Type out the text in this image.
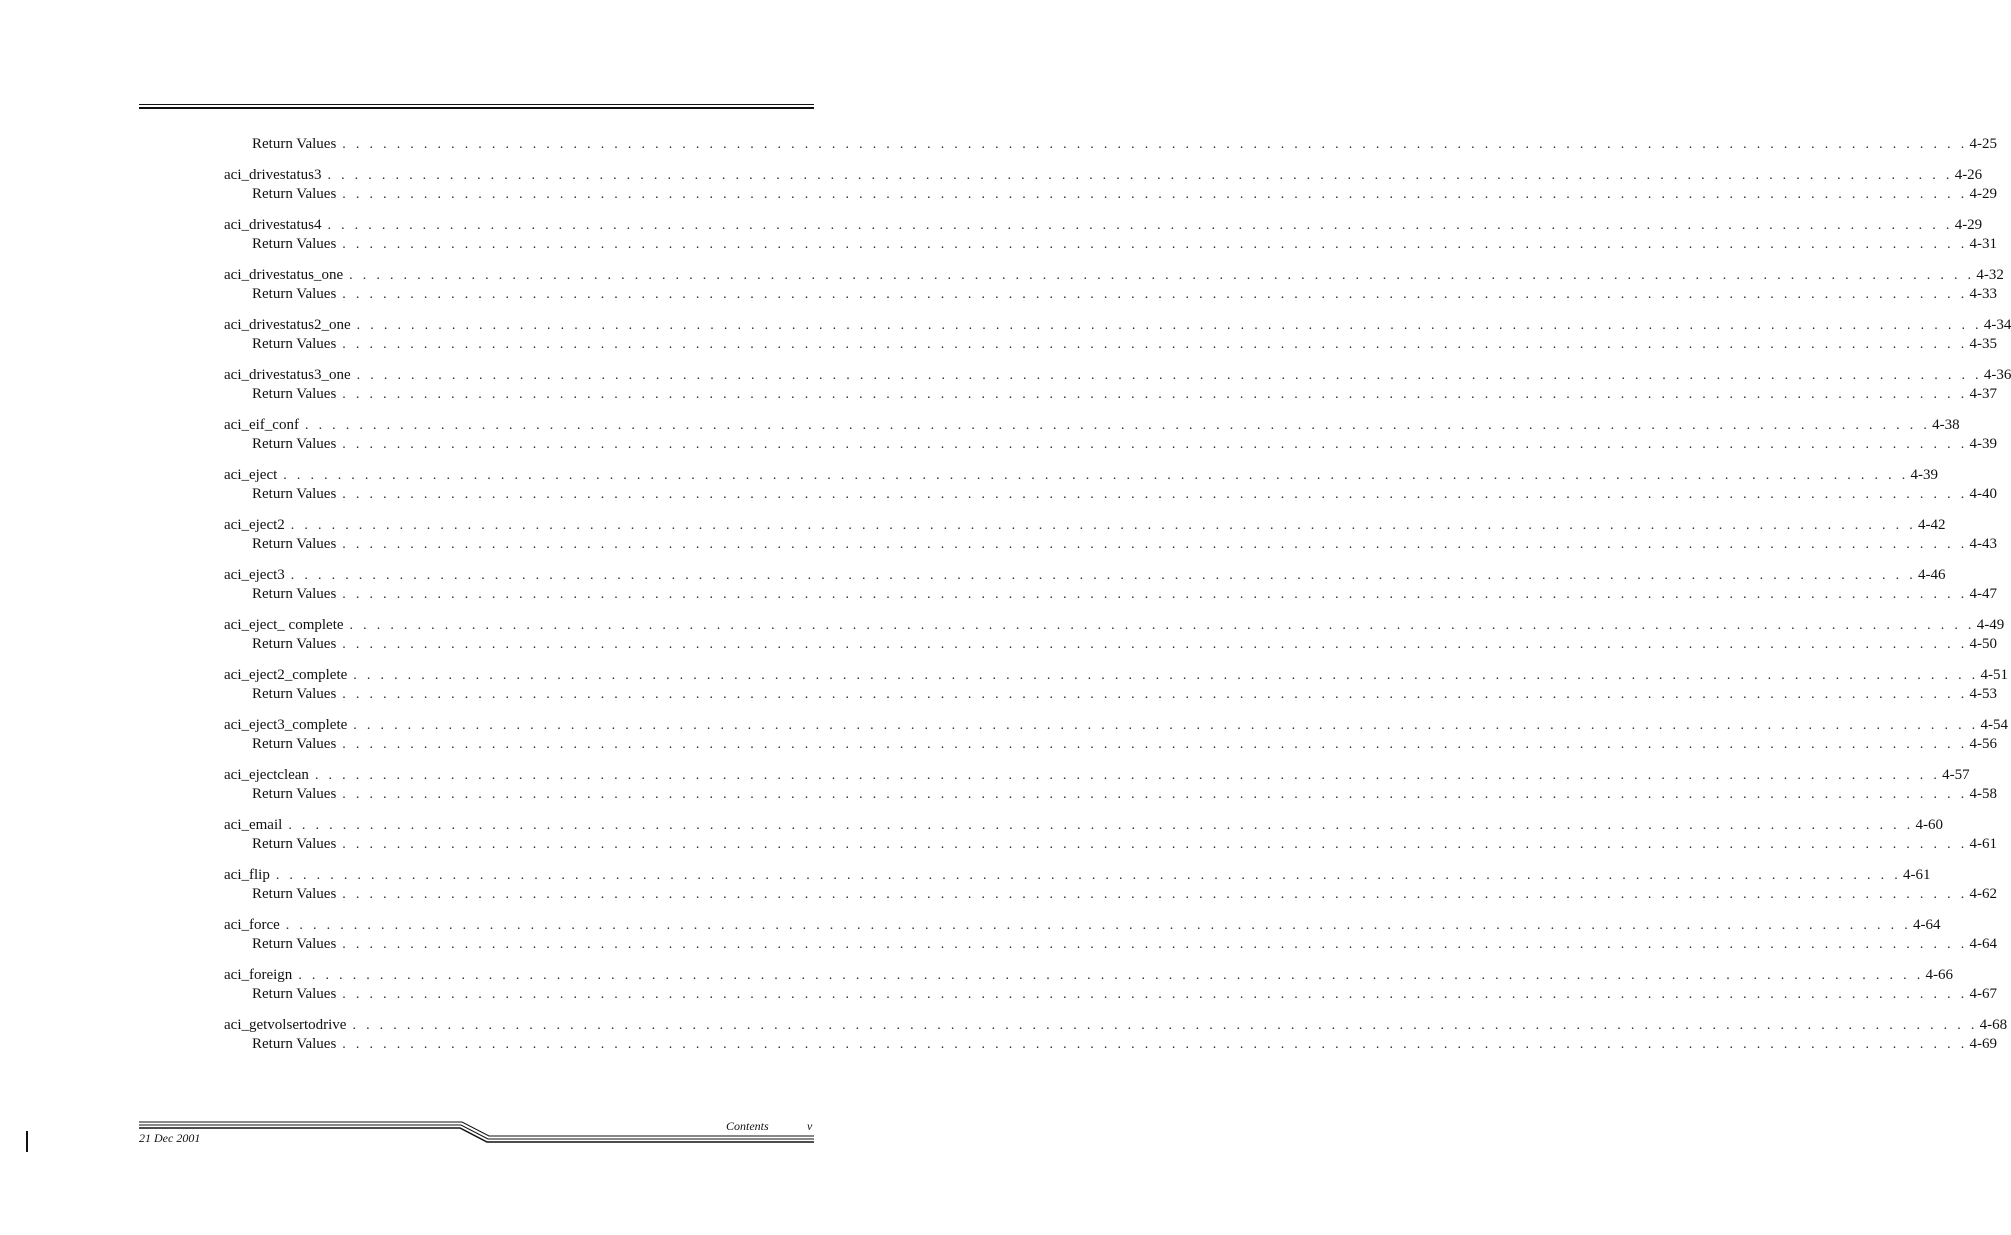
Return Values . . . . . . . . . . . . . . . . . . . . . . . . . . . . . . . . . . . . . . . . . . . . . . . . . . . . . . . . . . . . . . . . . . . . . . . . . . . . . . . . . . . . . . . . . . . . . . . . . . . . . . . . . . . . . . . . . . . . . . . . 4-25
aci_drivestatus3 . . . . . . . . . . . . . . . . . . . . . . . . . . . . . . . . . . . . . . . . . . . . . . . . . . . . . . . . . . . . . . . . . . . . . . . . . . . . . . . . . . . . . . . . . . . . . . . . . . . . . . . . . . . . . . . . . . . . . . . . 4-26
Return Values . . . . . . . . . . . . . . . . . . . . . . . . . . . . . . . . . . . . . . . . . . . . . . . . . . . . . . . . . . . . . . . . . . . . . . . . . . . . . . . . . . . . . . . . . . . . . . . . . . . . . . . . . . . . . . . . . . . . . . . . 4-29
aci_drivestatus4 . . . . . . . . . . . . . . . . . . . . . . . . . . . . . . . . . . . . . . . . . . . . . . . . . . . . . . . . . . . . . . . . . . . . . . . . . . . . . . . . . . . . . . . . . . . . . . . . . . . . . . . . . . . . . . . . . . . . . . . . 4-29
Return Values . . . . . . . . . . . . . . . . . . . . . . . . . . . . . . . . . . . . . . . . . . . . . . . . . . . . . . . . . . . . . . . . . . . . . . . . . . . . . . . . . . . . . . . . . . . . . . . . . . . . . . . . . . . . . . . . . . . . . . . . 4-31
aci_drivestatus_one . . . . . . . . . . . . . . . . . . . . . . . . . . . . . . . . . . . . . . . . . . . . . . . . . . . . . . . . . . . . . . . . . . . . . . . . . . . . . . . . . . . . . . . . . . . . . . . . . . . . . . . . . . . . . . . . . . . . . . . . 4-32
Return Values . . . . . . . . . . . . . . . . . . . . . . . . . . . . . . . . . . . . . . . . . . . . . . . . . . . . . . . . . . . . . . . . . . . . . . . . . . . . . . . . . . . . . . . . . . . . . . . . . . . . . . . . . . . . . . . . . . . . . . . . 4-33
aci_drivestatus2_one . . . . . . . . . . . . . . . . . . . . . . . . . . . . . . . . . . . . . . . . . . . . . . . . . . . . . . . . . . . . . . . . . . . . . . . . . . . . . . . . . . . . . . . . . . . . . . . . . . . . . . . . . . . . . . . . . . . . . . . . 4-34
Return Values . . . . . . . . . . . . . . . . . . . . . . . . . . . . . . . . . . . . . . . . . . . . . . . . . . . . . . . . . . . . . . . . . . . . . . . . . . . . . . . . . . . . . . . . . . . . . . . . . . . . . . . . . . . . . . . . . . . . . . . . 4-35
aci_drivestatus3_one . . . . . . . . . . . . . . . . . . . . . . . . . . . . . . . . . . . . . . . . . . . . . . . . . . . . . . . . . . . . . . . . . . . . . . . . . . . . . . . . . . . . . . . . . . . . . . . . . . . . . . . . . . . . . . . . . . . . . . . . 4-36
Return Values . . . . . . . . . . . . . . . . . . . . . . . . . . . . . . . . . . . . . . . . . . . . . . . . . . . . . . . . . . . . . . . . . . . . . . . . . . . . . . . . . . . . . . . . . . . . . . . . . . . . . . . . . . . . . . . . . . . . . . . . 4-37
aci_eif_conf . . . . . . . . . . . . . . . . . . . . . . . . . . . . . . . . . . . . . . . . . . . . . . . . . . . . . . . . . . . . . . . . . . . . . . . . . . . . . . . . . . . . . . . . . . . . . . . . . . . . . . . . . . . . . . . . . . . . . . . . 4-38
Return Values . . . . . . . . . . . . . . . . . . . . . . . . . . . . . . . . . . . . . . . . . . . . . . . . . . . . . . . . . . . . . . . . . . . . . . . . . . . . . . . . . . . . . . . . . . . . . . . . . . . . . . . . . . . . . . . . . . . . . . . . 4-39
aci_eject . . . . . . . . . . . . . . . . . . . . . . . . . . . . . . . . . . . . . . . . . . . . . . . . . . . . . . . . . . . . . . . . . . . . . . . . . . . . . . . . . . . . . . . . . . . . . . . . . . . . . . . . . . . . . . . . . . . . . . . . 4-39
Return Values . . . . . . . . . . . . . . . . . . . . . . . . . . . . . . . . . . . . . . . . . . . . . . . . . . . . . . . . . . . . . . . . . . . . . . . . . . . . . . . . . . . . . . . . . . . . . . . . . . . . . . . . . . . . . . . . . . . . . . . . 4-40
aci_eject2 . . . . . . . . . . . . . . . . . . . . . . . . . . . . . . . . . . . . . . . . . . . . . . . . . . . . . . . . . . . . . . . . . . . . . . . . . . . . . . . . . . . . . . . . . . . . . . . . . . . . . . . . . . . . . . . . . . . . . . . . 4-42
Return Values . . . . . . . . . . . . . . . . . . . . . . . . . . . . . . . . . . . . . . . . . . . . . . . . . . . . . . . . . . . . . . . . . . . . . . . . . . . . . . . . . . . . . . . . . . . . . . . . . . . . . . . . . . . . . . . . . . . . . . . . 4-43
aci_eject3 . . . . . . . . . . . . . . . . . . . . . . . . . . . . . . . . . . . . . . . . . . . . . . . . . . . . . . . . . . . . . . . . . . . . . . . . . . . . . . . . . . . . . . . . . . . . . . . . . . . . . . . . . . . . . . . . . . . . . . . . 4-46
Return Values . . . . . . . . . . . . . . . . . . . . . . . . . . . . . . . . . . . . . . . . . . . . . . . . . . . . . . . . . . . . . . . . . . . . . . . . . . . . . . . . . . . . . . . . . . . . . . . . . . . . . . . . . . . . . . . . . . . . . . . . 4-47
aci_eject_ complete . . . . . . . . . . . . . . . . . . . . . . . . . . . . . . . . . . . . . . . . . . . . . . . . . . . . . . . . . . . . . . . . . . . . . . . . . . . . . . . . . . . . . . . . . . . . . . . . . . . . . . . . . . . . . . . . . . . . . . . . 4-49
Return Values . . . . . . . . . . . . . . . . . . . . . . . . . . . . . . . . . . . . . . . . . . . . . . . . . . . . . . . . . . . . . . . . . . . . . . . . . . . . . . . . . . . . . . . . . . . . . . . . . . . . . . . . . . . . . . . . . . . . . . . . 4-50
aci_eject2_complete . . . . . . . . . . . . . . . . . . . . . . . . . . . . . . . . . . . . . . . . . . . . . . . . . . . . . . . . . . . . . . . . . . . . . . . . . . . . . . . . . . . . . . . . . . . . . . . . . . . . . . . . . . . . . . . . . . . . . . . . 4-51
Return Values . . . . . . . . . . . . . . . . . . . . . . . . . . . . . . . . . . . . . . . . . . . . . . . . . . . . . . . . . . . . . . . . . . . . . . . . . . . . . . . . . . . . . . . . . . . . . . . . . . . . . . . . . . . . . . . . . . . . . . . . 4-53
aci_eject3_complete . . . . . . . . . . . . . . . . . . . . . . . . . . . . . . . . . . . . . . . . . . . . . . . . . . . . . . . . . . . . . . . . . . . . . . . . . . . . . . . . . . . . . . . . . . . . . . . . . . . . . . . . . . . . . . . . . . . . . . . . 4-54
Return Values . . . . . . . . . . . . . . . . . . . . . . . . . . . . . . . . . . . . . . . . . . . . . . . . . . . . . . . . . . . . . . . . . . . . . . . . . . . . . . . . . . . . . . . . . . . . . . . . . . . . . . . . . . . . . . . . . . . . . . . . 4-56
aci_ejectclean . . . . . . . . . . . . . . . . . . . . . . . . . . . . . . . . . . . . . . . . . . . . . . . . . . . . . . . . . . . . . . . . . . . . . . . . . . . . . . . . . . . . . . . . . . . . . . . . . . . . . . . . . . . . . . . . . . . . . . . . 4-57
Return Values . . . . . . . . . . . . . . . . . . . . . . . . . . . . . . . . . . . . . . . . . . . . . . . . . . . . . . . . . . . . . . . . . . . . . . . . . . . . . . . . . . . . . . . . . . . . . . . . . . . . . . . . . . . . . . . . . . . . . . . . 4-58
aci_email . . . . . . . . . . . . . . . . . . . . . . . . . . . . . . . . . . . . . . . . . . . . . . . . . . . . . . . . . . . . . . . . . . . . . . . . . . . . . . . . . . . . . . . . . . . . . . . . . . . . . . . . . . . . . . . . . . . . . . . . 4-60
Return Values . . . . . . . . . . . . . . . . . . . . . . . . . . . . . . . . . . . . . . . . . . . . . . . . . . . . . . . . . . . . . . . . . . . . . . . . . . . . . . . . . . . . . . . . . . . . . . . . . . . . . . . . . . . . . . . . . . . . . . . . 4-61
aci_flip . . . . . . . . . . . . . . . . . . . . . . . . . . . . . . . . . . . . . . . . . . . . . . . . . . . . . . . . . . . . . . . . . . . . . . . . . . . . . . . . . . . . . . . . . . . . . . . . . . . . . . . . . . . . . . . . . . . . . . . . 4-61
Return Values . . . . . . . . . . . . . . . . . . . . . . . . . . . . . . . . . . . . . . . . . . . . . . . . . . . . . . . . . . . . . . . . . . . . . . . . . . . . . . . . . . . . . . . . . . . . . . . . . . . . . . . . . . . . . . . . . . . . . . . . 4-62
aci_force . . . . . . . . . . . . . . . . . . . . . . . . . . . . . . . . . . . . . . . . . . . . . . . . . . . . . . . . . . . . . . . . . . . . . . . . . . . . . . . . . . . . . . . . . . . . . . . . . . . . . . . . . . . . . . . . . . . . . . . . 4-64
Return Values . . . . . . . . . . . . . . . . . . . . . . . . . . . . . . . . . . . . . . . . . . . . . . . . . . . . . . . . . . . . . . . . . . . . . . . . . . . . . . . . . . . . . . . . . . . . . . . . . . . . . . . . . . . . . . . . . . . . . . . . 4-64
aci_foreign . . . . . . . . . . . . . . . . . . . . . . . . . . . . . . . . . . . . . . . . . . . . . . . . . . . . . . . . . . . . . . . . . . . . . . . . . . . . . . . . . . . . . . . . . . . . . . . . . . . . . . . . . . . . . . . . . . . . . . . . 4-66
Return Values . . . . . . . . . . . . . . . . . . . . . . . . . . . . . . . . . . . . . . . . . . . . . . . . . . . . . . . . . . . . . . . . . . . . . . . . . . . . . . . . . . . . . . . . . . . . . . . . . . . . . . . . . . . . . . . . . . . . . . . . 4-67
aci_getvolsertodrive . . . . . . . . . . . . . . . . . . . . . . . . . . . . . . . . . . . . . . . . . . . . . . . . . . . . . . . . . . . . . . . . . . . . . . . . . . . . . . . . . . . . . . . . . . . . . . . . . . . . . . . . . . . . . . . . . . . . . . . . 4-68
Return Values . . . . . . . . . . . . . . . . . . . . . . . . . . . . . . . . . . . . . . . . . . . . . . . . . . . . . . . . . . . . . . . . . . . . . . . . . . . . . . . . . . . . . . . . . . . . . . . . . . . . . . . . . . . . . . . . . . . . . . . . 4-69
21 Dec 2001
Contents	v
